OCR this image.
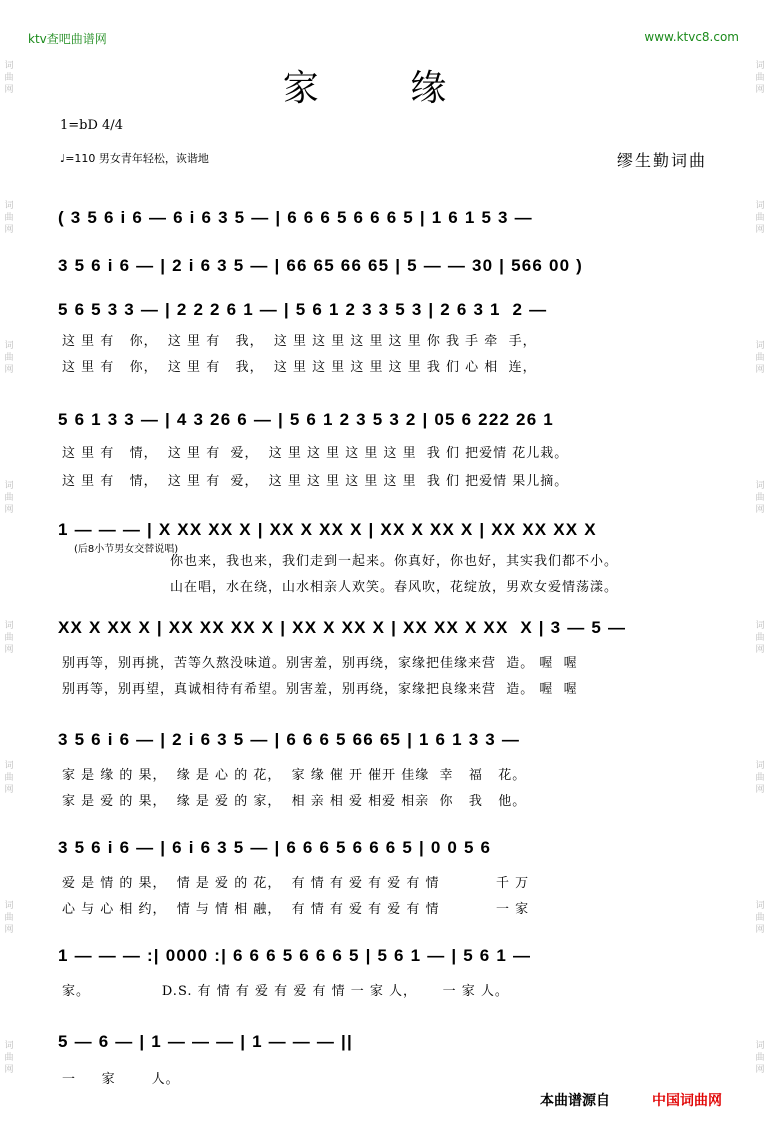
ktv查吧曲谱网	www.ktvc8.com
词曲网
词曲网
词曲网
词曲网
词曲网
词曲网
词曲网
词曲网
词曲网
词曲网
词曲网
词曲网
词曲网
词曲网
词曲网
词曲网
家 缘
1=bD 4/4
♩=110 男女青年轻松，诙谐地	缪生勤词曲
( 3 5 6 i 6 — 6 i 6 3 5 — | 6 6 6 5 6 6 6 5 | 1 6 1 5 3 —
3 5 6 i 6 — | 2 i 6 3 5 — | 66 65 66 65 | 5 — — 30 | 566 00 )
5 6 5 3 3 — | 2 2 2 6 1 — | 5 6 1 2 3 3 5 3 | 2 6 3 1  2 —
这 里 有   你，  这 里 有   我，  这 里 这 里 这 里 这 里 你 我 手 牵  手，
这 里 有   你，  这 里 有   我，  这 里 这 里 这 里 这 里 我 们 心 相  连，
5 6 1 3 3 — | 4 3 26 6 — | 5 6 1 2 3 5 3 2 | 05 6 222 26 1
这 里 有   情，  这 里 有  爱，  这 里 这 里 这 里 这 里  我 们 把爱情 花儿栽。
这 里 有   情，  这 里 有  爱，  这 里 这 里 这 里 这 里  我 们 把爱情 果儿摘。
1 — — — | X XX XX X | XX X XX X | XX X XX X | XX XX XX X
(后8小节男女交替说唱)
你也来，我也来，我们走到一起来。你真好，你也好，其实我们都不小。
山在唱，水在绕，山水相亲人欢笑。春风吹，花绽放，男欢女爱情荡漾。
XX X XX X | XX XX XX X | XX X XX X | XX XX X XX  X | 3 — 5 —
别再等，别再挑，苦等久熬没味道。别害羞，别再绕，家缘把佳缘来营  造。 喔  喔
别再等，别再望，真诚相待有希望。别害羞，别再绕，家缘把良缘来营  造。 喔  喔
3 5 6 i 6 — | 2 i 6 3 5 — | 6 6 6 5 66 65 | 1 6 1 3 3 —
家 是 缘 的 果，  缘 是 心 的 花，  家 缘 催 开 催开 佳缘  幸   福   花。
家 是 爱 的 果，  缘 是 爱 的 家，  相 亲 相 爱 相爱 相亲  你   我   他。
3 5 6 i 6 — | 6 i 6 3 5 — | 6 6 6 5 6 6 6 5 | 0 0 5 6
爱 是 情 的 果，  情 是 爱 的 花，  有 情 有 爱 有 爱 有 情           千 万
心 与 心 相 约，  情 与 情 相 融，  有 情 有 爱 有 爱 有 情           一 家
1 — — — :| 0000 :| 6 6 6 5 6 6 6 5 | 5 6 1 — | 5 6 1 —
家。              D.S. 有 情 有 爱 有 爱 有 情 一 家 人，     一 家 人。
5 — 6 — | 1 — — — | 1 — — — ||
一     家       人。
本曲谱源自	中国词曲网
